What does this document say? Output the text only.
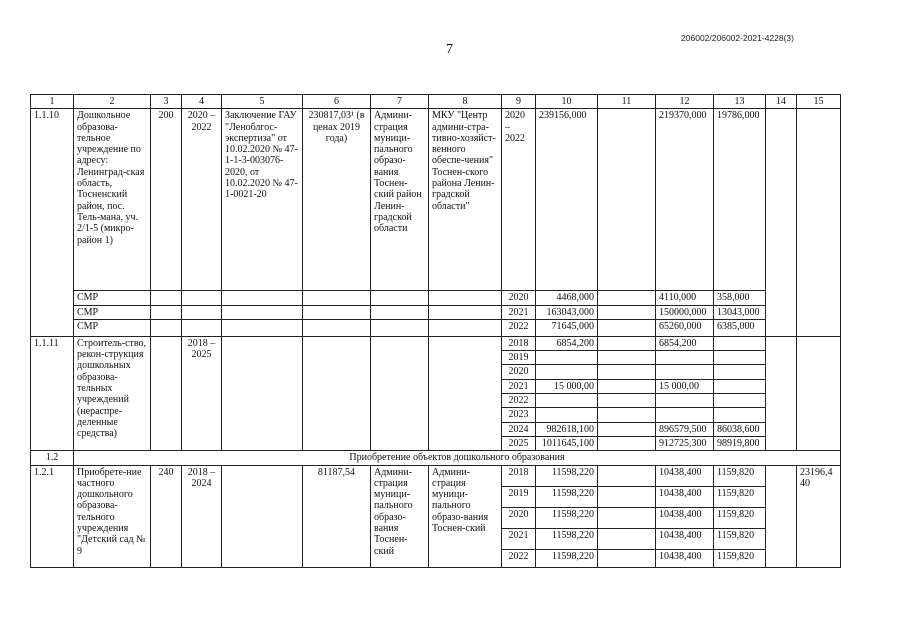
206002/206002-2021-4228(3)
7
1	2	3	4	5	6	7	8	9	10	11	12	13	14	15
1.1.10	Дошкольное образова-тельное учреждение по адресу: Ленинград-ская область, Тосненский район, пос. Тель-мана, уч. 2/1-5 (микро-район 1)	200	2020 – 2022	Заключение ГАУ "Леноблгос-экспертиза" от 10.02.2020 № 47-1-1-3-003076-2020, от 10.02.2020 № 47-1-0021-20	230817,03¹ (в ценах 2019 года)	Админи-страция муници-пального образо-вания Тоснен-ский район Ленин-градской области	МКУ "Центр админи-стра-тивно-хозяйст-венного обеспе-чения" Тоснен-ского района Ленин-градской области"	2020 – 2022	239156,000		219370,000	19786,000		
	СМР							2020	4468,000		4110,000	358,000		
	СМР							2021	163043,000		150000,000	13043,000		
	СМР							2022	71645,000		65260,000	6385,000		
1.1.11	Строитель-ство, рекон-струкция дошкольных образова-тельных учреждений (нераспре-деленные средства)		2018 – 2025					2018	6854,200		6854,200			
								2019						
								2020						
								2021	15 000,00		15 000,00			
								2022						
								2023						
								2024	982618,100		896579,500	86038,600		
								2025	1011645,100		912725,300	98919,800		
1.2	Приобретение объектов дошкольного образования													
1.2.1	Приобрете-ние частного дошкольного образова-тельного учреждения "Детский сад № 9	240	2018 – 2024		81187,54	Админи-страция муници-пального образо-вания Тоснен-ский	Админи-страция муници-пального образо-вания Тоснен-ский	2018	11598,220		10438,400	1159,820		23196,440
								2019	11598,220		10438,400	1159,820		
								2020	11598,220		10438,400	1159,820		
								2021	11598,220		10438,400	1159,820		
								2022	11598,220		10438,400	1159,820		
